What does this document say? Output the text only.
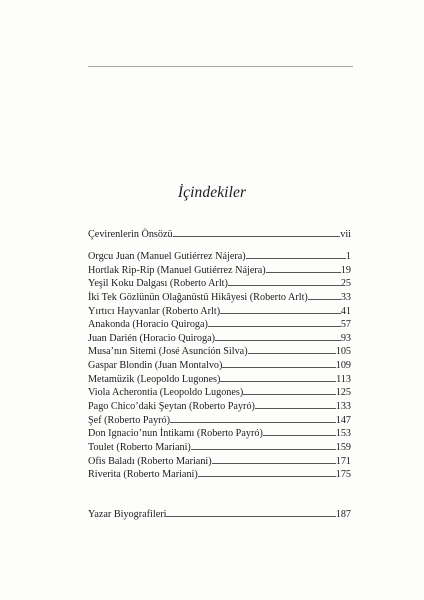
İçindekiler
Çevirenlerin Önsözü	vii
Orgcu Juan (Manuel Gutiérrez Nájera)	1
Hortlak Rip-Rip (Manuel Gutiérrez Nájera)	19
Yeşil Koku Dalgası (Roberto Arlt)	25
İki Tek Gözlünün Olağanüstü Hikâyesi (Roberto Arlt)	33
Yırtıcı Hayvanlar (Roberto Arlt)	41
Anakonda (Horacio Quiroga)	57
Juan Darién (Horacio Quiroga)	93
Musa’nın Sitemi (José Asunción Silva)	105
Gaspar Blondin (Juan Montalvo)	109
Metamüzik (Leopoldo Lugones)	113
Viola Acherontia (Leopoldo Lugones)	125
Pago Chico’daki Şeytan (Roberto Payró)	133
Şef (Roberto Payró)	147
Don Ignacio’nun İntikamı (Roberto Payró)	153
Toulet (Roberto Mariani)	159
Ofis Baladı (Roberto Mariani)	171
Riverita (Roberto Mariani)	175
Yazar Biyografileri	187
